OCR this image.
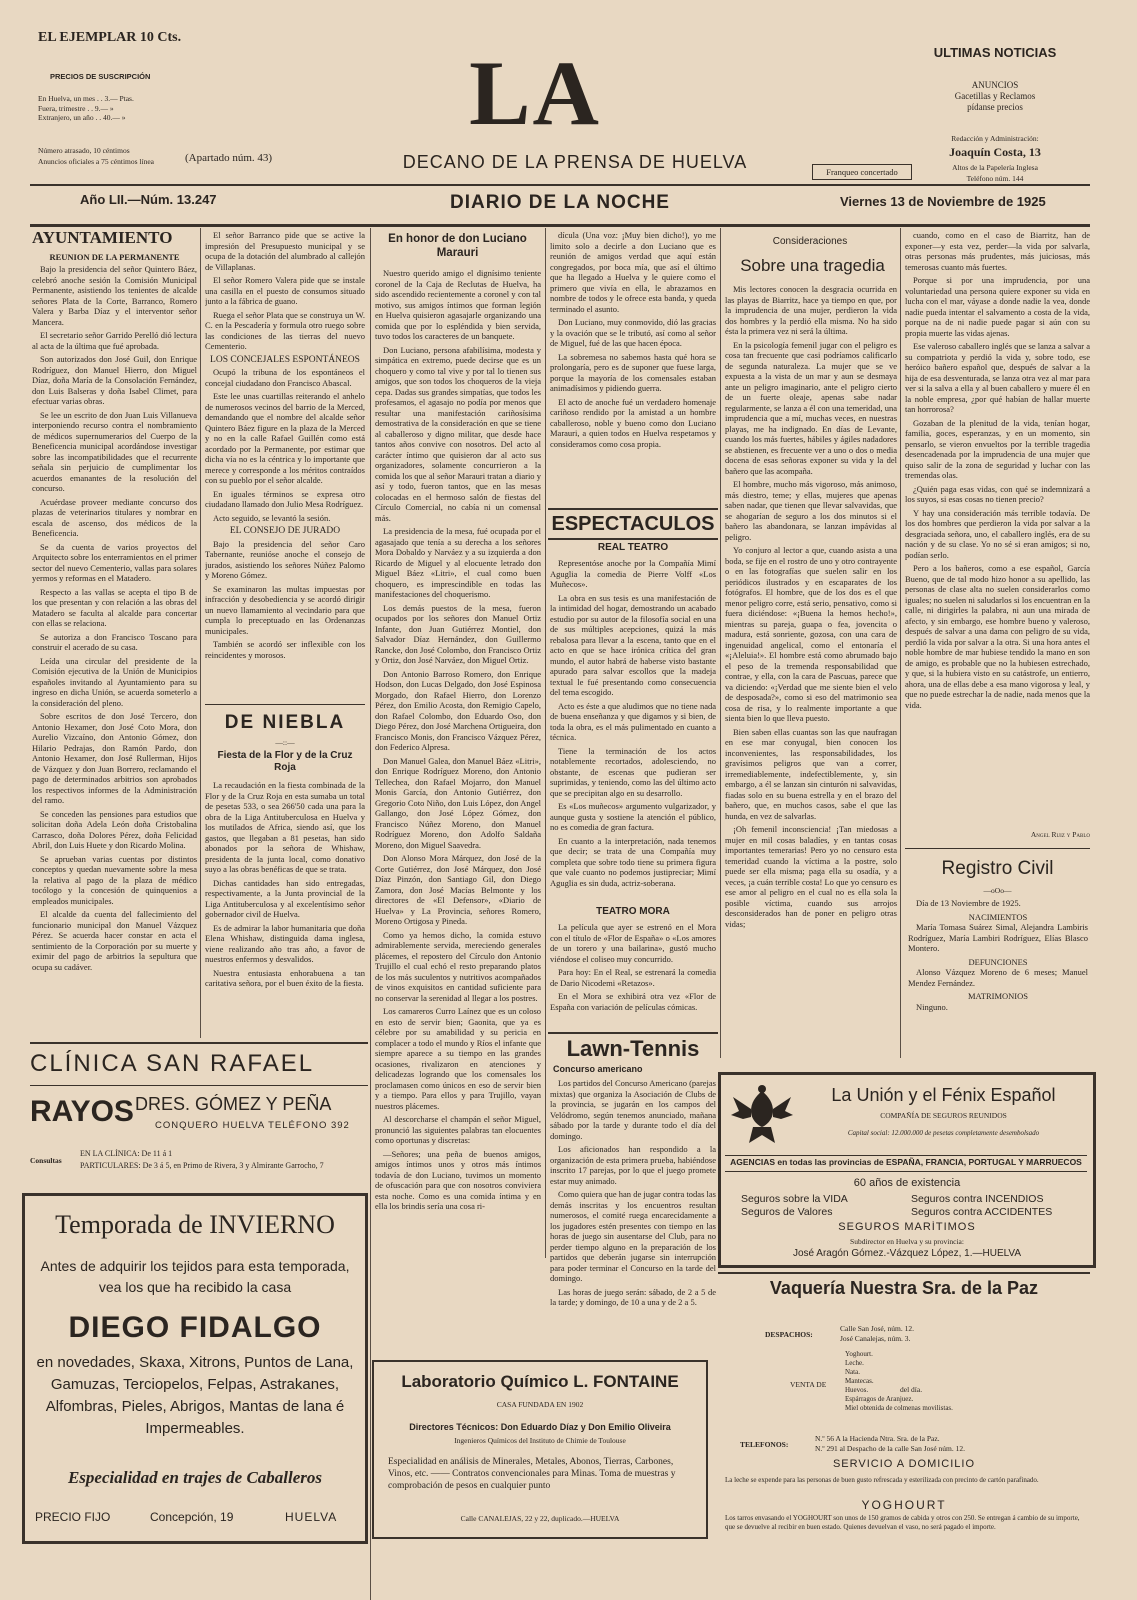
EL EJEMPLAR 10 Cts.
PRECIOS DE SUSCRIPCIÓN
En Huelva, un mes . . 3.— Ptas.
Fuera, trimestre . . 9.— »
Extranjero, un año . . 40.— »
Número atrasado, 10 céntimos
Anuncios oficiales a 75 céntimos línea
LA
(Apartado núm. 43)	DECANO DE LA PRENSA DE HUELVA	Franqueo concertado
ULTIMAS NOTICIAS
ANUNCIOS
Gacetillas y Reclamos
pídanse precios
Redacción y Administración:
Joaquín Costa, 13
Altos de la Papelería Inglesa
Teléfono núm. 144
Año LII.—Núm. 13.247	DIARIO DE LA NOCHE	Viernes 13 de Noviembre de 1925
AYUNTAMIENTO
REUNION DE LA PERMANENTE

Bajo la presidencia del señor Quintero Báez, celebró anoche sesión la Comisión Municipal Permanente, asistiendo los tenientes de alcalde señores Plata de la Corte, Barranco, Romero Valera y Barba Díaz y el interventor señor Mancera.

El secretario señor Garrido Perelló dió lectura al acta de la última que fué aprobada.

Son autorizados don José Guil, don Enrique Rodríguez, don Manuel Hierro, don Miguel Díaz, doña María de la Consolación Fernández, don Luis Balseras y doña Isabel Climet, para efectuar varias obras.

Se lee un escrito de don Juan Luis Villanueva interponiendo recurso contra el nombramiento de médicos supernumerarios del Cuerpo de la Beneficencia municipal acordándose investigar sobre las incompatibilidades que el recurrente señala sin perjuicio de cumplimentar los acuerdos emanantes de la resolución del concurso.

Acuérdase proveer mediante concurso dos plazas de veterinarios titulares y nombrar en escala de ascenso, dos médicos de la Beneficencia.

Se da cuenta de varios proyectos del Arquitecto sobre los enterramientos en el primer sector del nuevo Cementerio, vallas para solares yermos y reformas en el Matadero.

Respecto a las vallas se acepta el tipo B de los que presentan y con relación a las obras del Matadero se faculta al alcalde para concertar con ellas se relaciona.

Se autoriza a don Francisco Toscano para construir el acerado de su casa.

Leída una circular del presidente de la Comisión ejecutiva de la Unión de Municipios españoles invitando al Ayuntamiento para su ingreso en dicha Unión, se acuerda someterlo a la consideración del pleno.

Sobre escritos de don José Tercero, don Antonio Hexamer, don José Coto Mora, don Aurelio Vizcaíno, don Antonio Gómez, don Hilario Pedrajas, don Ramón Pardo, don Antonio Hexamer, don José Rullerman, Hijos de Vázquez y don Juan Borrero, reclamando el pago de determinados arbitrios son aprobados los respectivos informes de la Administración del ramo.

Se conceden las pensiones para estudios que solicitan doña Adela León doña Cristobalina Carrasco, doña Dolores Pérez, doña Felicidad Abril, don Luis Huete y don Ricardo Molina.

Se aprueban varias cuentas por distintos conceptos y quedan nuevamente sobre la mesa la relativa al pago de la plaza de médico tocólogo y la concesión de quinquenios a empleados municipales.

El alcalde da cuenta del fallecimiento del funcionario municipal don Manuel Vázquez Pérez. Se acuerda hacer constar en acta el sentimiento de la Corporación por su muerte y eximir del pago de arbitrios la sepultura que ocupa su cadáver.

El señor Barranco pide que se active la impresión del Presupuesto municipal y se ocupa de la dotación del alumbrado al callejón de Villaplanas.

El señor Romero Valera pide que se instale una casilla en el puesto de consumos situado junto a la fábrica de guano.

Ruega el señor Plata que se construya un W. C. en la Pescadería y formula otro ruego sobre las condiciones de las tierras del nuevo Cementerio.

LOS CONCEJALES ESPONTÁNEOS

Ocupó la tribuna de los espontáneos el concejal ciudadano don Francisco Abascal.

Este lee unas cuartillas reiterando el anhelo de numerosos vecinos del barrio de la Merced, demandando que el nombre del alcalde señor Quintero Báez figure en la plaza de la Merced y no en la calle Rafael Guillén como está acordado por la Permanente, por estimar que dicha vía no es la céntrica y lo importante que merece y corresponde a los méritos contraídos con su pueblo por el señor alcalde.

En iguales términos se expresa otro ciudadano llamado don Julio Mesa Rodríguez.

Acto seguido, se levantó la sesión.

EL CONSEJO DE JURADO

Bajo la presidencia del señor Caro Tabernante, reunióse anoche el consejo de jurados, asistiendo los señores Núñez Palomo y Moreno Gómez.

Se examinaron las multas impuestas por infracción y desobediencia y se acordó dirigir un nuevo llamamiento al vecindario para que cumpla lo preceptuado en las Ordenanzas municipales.

También se acordó ser inflexible con los reincidentes y morosos.

DE NIEBLA
—::—
Fiesta de la Flor y de la Cruz Roja

La recaudación en la fiesta combinada de la Flor y de la Cruz Roja en esta sumaba un total de pesetas 533, o sea 266'50 cada una para la obra de la Liga Antituberculosa en Huelva y los mutilados de Africa, siendo así, que los gastos, que llegaban a 81 pesetas, han sido abonados por la señora de Whishaw, presidenta de la junta local, como donativo suyo a las obras benéficas de que se trata.

Dichas cantidades han sido entregadas, respectivamente, a la Junta provincial de la Liga Antituberculosa y al excelentísimo señor gobernador civil de Huelva.

Es de admirar la labor humanitaria que doña Elena Whishaw, distinguida dama inglesa, viene realizando año tras año, a favor de nuestros enfermos y desvalidos.

Nuestra entusiasta enhorabuena a tan caritativa señora, por el buen éxito de la fiesta.

En honor de don Luciano Marauri

Nuestro querido amigo el dignísimo teniente coronel de la Caja de Reclutas de Huelva, ha sido ascendido recientemente a coronel y con tal motivo, sus amigos íntimos que forman legión en Huelva quisieron agasajarle organizando una comida que por lo espléndida y bien servida, tuvo todos los caracteres de un banquete.

Don Luciano, persona afabilísima, modesta y simpática en extremo, puede decirse que es un choquero y como tal vive y por tal lo tienen sus amigos, que son todos los choqueros de la vieja cepa. Dadas sus grandes simpatías, que todos les profesamos, el agasajo no podía por menos que resultar una manifestación cariñosísima demostrativa de la consideración en que se tiene al caballeroso y digno militar, que desde hace tantos años convive con nosotros. Del acto al carácter íntimo que quisieron dar al acto sus organizadores, solamente concurrieron a la comida los que al señor Marauri tratan a diario y así y todo, fueron tantos, que en las mesas colocadas en el hermoso salón de fiestas del Círculo Comercial, no cabía ni un comensal más.

La presidencia de la mesa, fué ocupada por el agasajado que tenía a su derecha a los señores Mora Dobaldo y Narváez y a su izquierda a don Ricardo de Miguel y al elocuente letrado don Miguel Báez «Litri», el cual como buen choquero, es imprescindible en todas las manifestaciones del choquerismo.

Los demás puestos de la mesa, fueron ocupados por los señores don Manuel Ortiz Infante, don Juan Gutiérrez Montiel, don Salvador Díaz Hernández, don Guillermo Rancke, don José Colombo, don Francisco Ortiz y Ortiz, don José Narváez, don Miguel Ortiz.

Don Antonio Barroso Romero, don Enrique Hodson, don Lucas Delgado, don José Espinosa Morgado, don Rafael Hierro, don Lorenzo Pérez, don Emilio Acosta, don Remigio Capelo, don Rafael Colombo, don Eduardo Oso, don Diego Pérez, don José Marchena Ortigueira, don Francisco Monis, don Francisco Vázquez Pérez, don Federico Alpresa.

Don Manuel Galea, don Manuel Báez «Litri», don Enrique Rodríguez Moreno, don Antonio Tellechea, don Rafael Mojarro, don Manuel Monis García, don Antonio Gutiérrez, don Gregorio Coto Niño, don Luis López, don Angel Gallango, don José López Gómez, don Francisco Núñez Moreno, don Manuel Rodríguez Moreno, don Adolfo Saldaña Moreno, don Miguel Saavedra.

Don Alonso Mora Márquez, don José de la Corte Gutiérrez, don José Márquez, don José Díaz Pinzón, don Santiago Gil, don Diego Zamora, don José Macías Belmonte y los directores de «El Defensor», «Diario de Huelva» y La Provincia, señores Romero, Moreno Ortigosa y Pineda.

Como ya hemos dicho, la comida estuvo admirablemente servida, mereciendo generales plácemes, el repostero del Círculo don Antonio Trujillo el cual echó el resto preparando platos de los más suculentos y nutritivos acompañados de vinos exquisitos en cantidad suficiente para no conservar la serenidad al llegar a los postres.

Los camareros Curro Laínez que es un coloso en esto de servir bien; Gaonita, que ya es célebre por su amabilidad y su pericia en complacer a todo el mundo y Ríos el infante que siempre aparece a su tiempo en las grandes ocasiones, rivalizaron en atenciones y delicadezas logrando que los comensales los proclamasen como únicos en eso de servir bien y a tiempo. Para ellos y para Trujillo, vayan nuestros plácemes.

Al descorcharse el champán el señor Miguel, pronunció las siguientes palabras tan elocuentes como oportunas y discretas:

—Señores; una peña de buenos amigos, amigos íntimos unos y otros más íntimos todavía de don Luciano, tuvimos un momento de ofuscación para que con nosotros conviviera esta noche. Como es una comida íntima y en ella los brindis sería una cosa ri-

dícula (Una voz: ¡Muy bien dicho!), yo me limito solo a decirle a don Luciano que es reunión de amigos verdad que aquí están congregados, por boca mía, que así el último que ha llegado a Huelva y le quiere como el primero que vivía en ella, le abrazamos en nombre de todos y le ofrece esta banda, y queda terminado el asunto.

Don Luciano, muy conmovido, dió las gracias y la ovación que se le tributó, así como al señor de Miguel, fué de las que hacen época.

La sobremesa no sabemos hasta qué hora se prolongaría, pero es de suponer que fuese larga, porque la mayoría de los comensales estaban animadísimos y pidiendo guerra.

El acto de anoche fué un verdadero homenaje cariñoso rendido por la amistad a un hombre caballeroso, noble y bueno como don Luciano Marauri, a quien todos en Huelva respetamos y consideramos como cosa propia.

ESPECTACULOS
REAL TEATRO

Representóse anoche por la Compañía Mimí Aguglia la comedia de Pierre Volff «Los Muñecos».

La obra en sus tesis es una manifestación de la intimidad del hogar, demostrando un acabado estudio por su autor de la filosofía social en una de sus múltiples acepciones, quizá la más rebalosa para llevar a la escena, tanto que en el acto en que se hace irónica crítica del gran mundo, el autor habrá de haberse visto bastante apurado para salvar escollos que la madeja textual le fué presentando como consecuencia del tema escogido.

Acto es éste a que aludimos que no tiene nada de buena enseñanza y que digamos y si bien, de toda la obra, es el más pulimentado en cuanto a técnica.

Tiene la terminación de los actos notablemente recortados, adolesciendo, no obstante, de escenas que pudieran ser suprimidas, y teniendo, como las del último acto que se precipitan algo en su desarrollo.

Es «Los muñecos» argumento vulgarizador, y aunque gusta y sostiene la atención el público, no es comedia de gran factura.

En cuanto a la interpretación, nada tenemos que decir; se trata de una Compañía muy completa que sobre todo tiene su primera figura que vale cuanto no podemos justipreciar; Mimí Aguglia es sin duda, actriz-soberana.

TEATRO MORA

La película que ayer se estrenó en el Mora con el título de «Flor de España» o «Los amores de un torero y una bailarina», gustó mucho viéndose el coliseo muy concurrido.

Para hoy: En el Real, se estrenará la comedia de Dario Nicodemi «Retazos».

En el Mora se exhibirá otra vez «Flor de España con variación de películas cómicas.

Lawn-Tennis
Concurso americano

Los partidos del Concurso Americano (parejas mixtas) que organiza la Asociación de Clubs de la provincia, se jugarán en los campos del Velódromo, según tenemos anunciado, mañana sábado por la tarde y durante todo el día del domingo.

Los aficionados han respondido a la organización de esta primera prueba, habiéndose inscrito 17 parejas, por lo que el juego promete estar muy animado.

Como quiera que han de jugar contra todas las demás inscritas y los encuentros resultan numerosos, el comité ruega encarecidamente a los jugadores estén presentes con tiempo en las horas de juego sin ausentarse del Club, para no perder tiempo alguno en la preparación de los partidos que deberán jugarse sin interrupción para poder terminar el Concurso en la tarde del domingo.

Las horas de juego serán: sábado, de 2 a 5 de la tarde; y domingo, de 10 a una y de 2 a 5.

Consideraciones
Sobre una tragedia

Mis lectores conocen la desgracia ocurrida en las playas de Biarritz, hace ya tiempo en que, por la imprudencia de una mujer, perdieron la vida dos hombres y la perdió ella misma. No ha sido ésta la primera vez ni será la última.

En la psicología femenil jugar con el peligro es cosa tan frecuente que casi podríamos calificarlo de segunda naturaleza. La mujer que se ve expuesta a la vista de un mar y aun se desmaya ante un peligro imaginario, ante el peligro cierto de un fuerte oleaje, apenas sabe nadar regularmente, se lanza a él con una temeridad, una imprudencia que a mí, muchas veces, en nuestras playas, me ha indignado. En días de Levante, cuando los más fuertes, hábiles y ágiles nadadores se abstienen, es frecuente ver a uno o dos o media docena de esas señoras exponer su vida y la del bañero que las acompaña.

El hombre, mucho más vigoroso, más animoso, más diestro, teme; y ellas, mujeres que apenas saben nadar, que tienen que llevar salvavidas, que se ahogarían de seguro a los dos minutos si el bañero las abandonara, se lanzan impávidas al peligro.

Yo conjuro al lector a que, cuando asista a una boda, se fije en el rostro de uno y otro contrayente o en las fotografías que suelen salir en los periódicos ilustrados y en escaparates de los fotógrafos. El hombre, que de los dos es el que menor peligro corre, está serio, pensativo, como si fuera diciéndose: «¡Buena la hemos hecho!», mientras su pareja, guapa o fea, jovencita o madura, está sonriente, gozosa, con una cara de ingenuidad angelical, como el entonaría el «¡Aleluia!». El hombre está como abrumado bajo el peso de la tremenda responsabilidad que contrae, y ella, con la cara de Pascuas, parece que va diciendo: «¡Verdad que me siente bien el velo de desposada?», como si eso del matrimonio sea cosa de risa, y lo realmente importante a que sienta bien lo que lleva puesto.

Bien saben ellas cuantas son las que naufragan en ese mar conyugal, bien conocen los inconvenientes, las responsabilidades, los gravísimos peligros que van a correr, irremediablemente, indefectiblemente, y, sin embargo, a él se lanzan sin cinturón ni salvavidas, fiadas solo en su buena estrella y en el brazo del bañero, que, en muchos casos, sabe el que las hunda, en vez de salvarlas.

¡Oh femenil inconsciencia! ¡Tan miedosas a mujer en mil cosas baladíes, y en tantas cosas importantes temerarias! Pero yo no censuro esta temeridad cuando la víctima a la postre, solo puede ser ella misma; paga ella su osadía, y a veces, ¡a cuán terrible costa! Lo que yo censuro es ese amor al peligro en el cual no es ella sola la posible víctima, cuando sus arrojos desconsiderados han de poner en peligro otras vidas;

cuando, como en el caso de Biarritz, han de exponer—y esta vez, perder—la vida por salvarla, otras personas más prudentes, más juiciosas, más temerosas cuanto más fuertes.

Porque si por una imprudencia, por una voluntariedad una persona quiere exponer su vida en lucha con el mar, váyase a donde nadie la vea, donde nadie pueda intentar el salvamento a costa de la vida, porque na de ni nadie puede pagar si aún con su propia muerte las vidas ajenas.

Ese valeroso caballero inglés que se lanza a salvar a su compatriota y perdió la vida y, sobre todo, ese heróico bañero español que, después de salvar a la hija de esa desventurada, se lanza otra vez al mar para ver si la salva a ella y al buen caballero y muere él en la noble empresa, ¿por qué habían de hallar muerte tan horrorosa?

Gozaban de la plenitud de la vida, tenían hogar, familia, goces, esperanzas, y en un momento, sin pensarlo, se vieron envueltos por la terrible tragedia desencadenada por la imprudencia de una mujer que quiso salir de la zona de seguridad y luchar con las tremendas olas.

¿Quién paga esas vidas, con qué se indemnizará a los suyos, si esas cosas no tienen precio?

Y hay una consideración más terrible todavía. De los dos hombres que perdieron la vida por salvar a la desgraciada señora, uno, el caballero inglés, era de su nación y de su clase. Yo no sé si eran amigos; si no, podían serlo.

Pero a los bañeros, como a ese español, García Bueno, que de tal modo hizo honor a su apellido, las personas de clase alta no suelen considerarlos como iguales; no suelen ni saludarlos si los encuentran en la calle, ni dirigirles la palabra, ni aun una mirada de afecto, y sin embargo, ese hombre bueno y valeroso, después de salvar a una dama con peligro de su vida, perdió la vida por salvar a la otra. Si una hora antes el noble hombre de mar hubiese tendido la mano en son de amigo, es probable que no la hubiesen estrechado, y que, si la hubiera visto en su catástrofe, un entierro, ahora, una de ellas debe a esa mano vigorosa y leal, y que no puede estrechar la de nadie, nada menos que la vida.

Angel Ruiz y Pablo
Registro Civil
—oOo—

Día de 13 Noviembre de 1925.

NACIMIENTOS

María Tomasa Suárez Simal, Alejandra Lambiris Rodríguez, María Lambiri Rodríguez, Elías Blasco Montero.

DEFUNCIONES

Alonso Vázquez Moreno de 6 meses; Manuel Mendez Fernández.

MATRIMONIOS

Ninguno.

CLÍNICA SAN RAFAEL
RAYOS DRES. GÓMEZ Y PEÑA
CONQUERO HUELVA TELÉFONO 392
Consultas
EN LA CLÍNICA: De 11 á 1
PARTICULARES: De 3 á 5, en Primo de Rivera, 3 y Almirante Garrocho, 7
Temporada de INVIERNO
Antes de adquirir los tejidos para esta temporada, vea los que ha recibido la casa
DIEGO FIDALGO
en novedades, Skaxa, Xitrons, Puntos de Lana, Gamuzas, Terciopelos, Felpas, Astrakanes, Alfombras, Pieles, Abrigos, Mantas de lana é Impermeables.
Especialidad en trajes de Caballeros
PRECIO FIJO	Concepción, 19	HUELVA
Laboratorio Químico L. FONTAINE
CASA FUNDADA EN 1902
Directores Técnicos: Don Eduardo Díaz y Don Emilio Oliveira
Ingenieros Químicos del Instituto de Chimie de Toulouse
Especialidad en análisis de Minerales, Metales, Abonos, Tierras, Carbones, Vinos, etc. —— Contratos convencionales para Minas. Toma de muestras y comprobación de pesos en cualquier punto
Calle CANALEJAS, 22 y 22, duplicado.—HUELVA
La Unión y el Fénix Español
COMPAÑÍA DE SEGUROS REUNIDOS
Capital social: 12.000.000 de pesetas completamente desembolsado
AGENCIAS en todas las provincias de ESPAÑA, FRANCIA, PORTUGAL Y MARRUECOS
60 años de existencia
Seguros sobre la VIDA	Seguros contra INCENDIOS
Seguros de Valores	Seguros contra ACCIDENTES
SEGUROS MARÍTIMOS
Subdirector en Huelva y su provincia:
José Aragón Gómez.-Vázquez López, 1.—HUELVA
Vaquería Nuestra Sra. de la Paz
DESPACHOS:
Calle San José, núm. 12.
José Canalejas, núm. 3.
VENTA DE
Yoghourt.
Leche.
Nata.
Mantecas.
Huevos.
Espárragos de Aranjuez.
Miel obtenida de colmenas movilistas.
del día.
TELEFONOS:
N.º 56 A la Hacienda Ntra. Sra. de la Paz.
N.º 291 al Despacho de la calle San José núm. 12.
SERVICIO A DOMICILIO
La leche se expende para las personas de buen gusto refrescada y esterilizada con precinto de cartón parafinado.
YOGHOURT
Los tarros envasando el YOGHOURT son unos de 150 gramos de cabida y otros con 250. Se entregan á cambio de su importe, que se devuelve al recibir en buen estado. Quienes devuelvan el vaso, no será pagado el importe.
